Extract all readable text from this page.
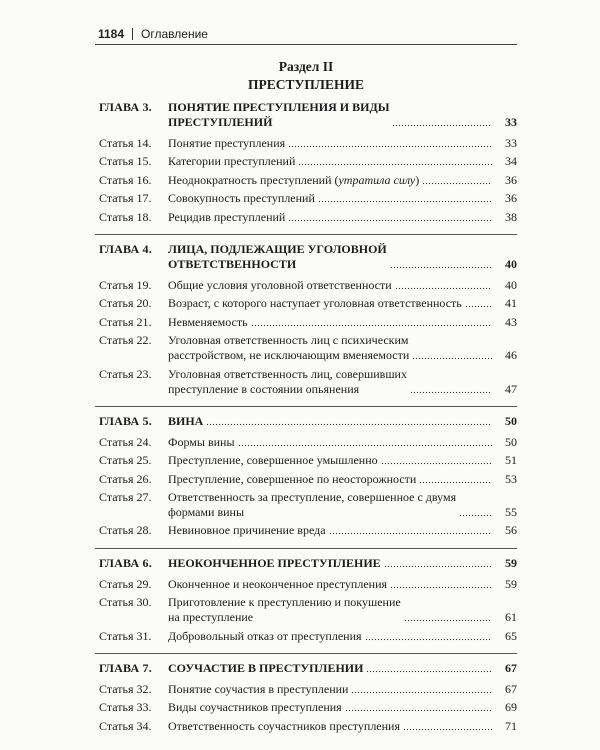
1184 Оглавление
Раздел II
ПРЕСТУПЛЕНИЕ
ГЛАВА 3.	ПОНЯТИЕ ПРЕСТУПЛЕНИЯ И ВИДЫ
ПРЕСТУПЛЕНИЙ	33
Статья 14.	Понятие преступления	33
Статья 15.	Категории преступлений	34
Статья 16.	Неоднократность преступлений (утратила силу)	36
Статья 17.	Совокупность преступлений	36
Статья 18.	Рецидив преступлений	38
ГЛАВА 4.	ЛИЦА, ПОДЛЕЖАЩИЕ УГОЛОВНОЙ
ОТВЕТСТВЕННОСТИ	40
Статья 19.	Общие условия уголовной ответственности	40
Статья 20.	Возраст, с которого наступает уголовная ответственность	41
Статья 21.	Невменяемость	43
Статья 22.	Уголовная ответственность лиц с психическим
расстройством, не исключающим вменяемости	46
Статья 23.	Уголовная ответственность лиц, совершивших
преступление в состоянии опьянения	47
ГЛАВА 5.	ВИНА	50
Статья 24.	Формы вины	50
Статья 25.	Преступление, совершенное умышленно	51
Статья 26.	Преступление, совершенное по неосторожности	53
Статья 27.	Ответственность за преступление, совершенное с двумя
формами вины	55
Статья 28.	Невиновное причинение вреда	56
ГЛАВА 6.	НЕОКОНЧЕННОЕ ПРЕСТУПЛЕНИЕ	59
Статья 29.	Оконченное и неоконченное преступления	59
Статья 30.	Приготовление к преступлению и покушение
на преступление	61
Статья 31.	Добровольный отказ от преступления	65
ГЛАВА 7.	СОУЧАСТИЕ В ПРЕСТУПЛЕНИИ	67
Статья 32.	Понятие соучастия в преступлении	67
Статья 33.	Виды соучастников преступления	69
Статья 34.	Ответственность соучастников преступления	71
